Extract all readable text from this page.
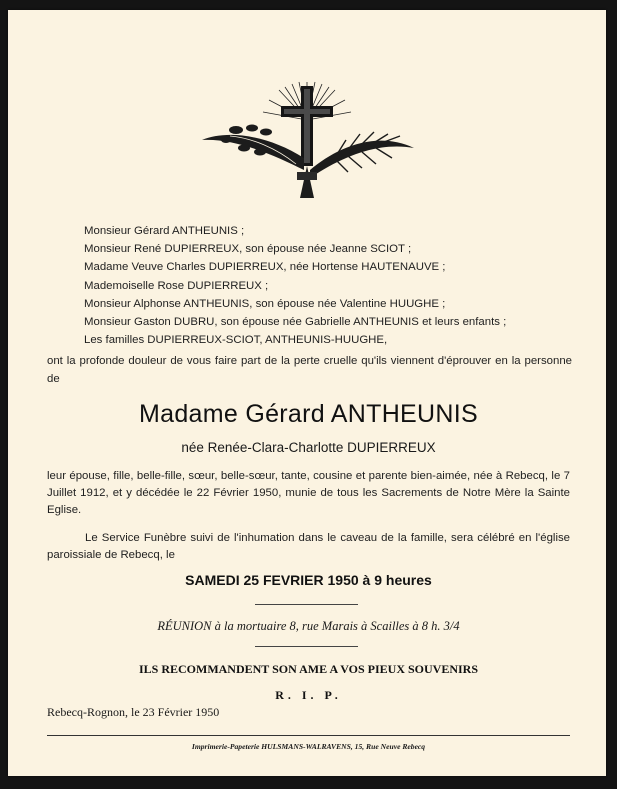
Monsieur Gérard ANTHEUNIS ;
Monsieur René DUPIERREUX, son épouse née Jeanne SCIOT ;
Madame Veuve Charles DUPIERREUX, née Hortense HAUTENAUVE ;
Mademoiselle Rose DUPIERREUX ;
Monsieur Alphonse ANTHEUNIS, son épouse née Valentine HUUGHE ;
Monsieur Gaston DUBRU, son épouse née Gabrielle ANTHEUNIS et leurs enfants ;
Les familles DUPIERREUX-SCIOT, ANTHEUNIS-HUUGHE,
ont la profonde douleur de vous faire part de la perte cruelle qu'ils viennent d'éprouver en la personne de
Madame Gérard ANTHEUNIS
née Renée-Clara-Charlotte DUPIERREUX
leur épouse, fille, belle-fille, sœur, belle-sœur, tante, cousine et parente bien-aimée, née à Rebecq, le 7 Juillet 1912, et y décédée le 22 Février 1950, munie de tous les Sacrements de Notre Mère la Sainte Eglise.
Le Service Funèbre suivi de l'inhumation dans le caveau de la famille, sera célébré en l'église paroissiale de Rebecq, le
SAMEDI 25 FEVRIER 1950 à 9 heures
RÉUNION à la mortuaire 8, rue Marais à Scailles à 8 h. 3/4
ILS RECOMMANDENT SON AME A VOS PIEUX SOUVENIRS
R. I. P.
Rebecq-Rognon, le 23 Février 1950
Imprimerie-Papeterie HULSMANS-WALRAVENS, 15, Rue Neuve Rebecq
